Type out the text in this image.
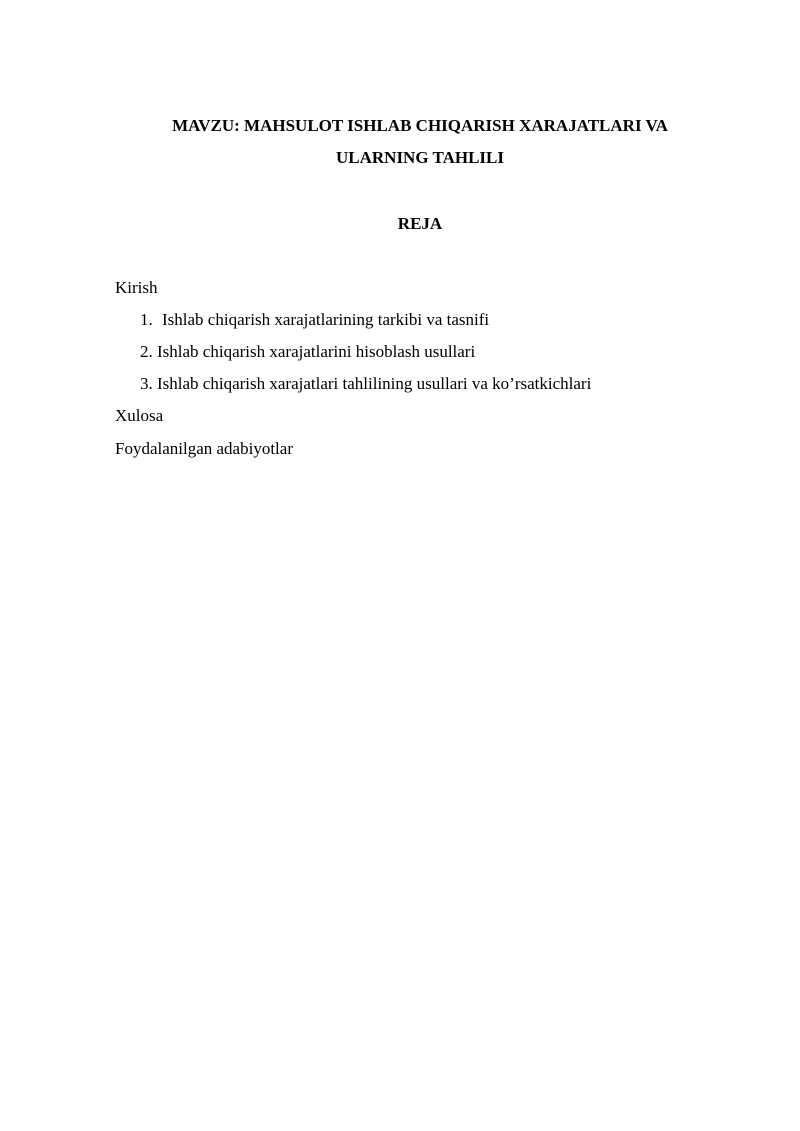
MAVZU: MAHSULOT ISHLAB CHIQARISH XARAJATLARI VA
ULARNING TAHLILI
REJA
Kirish
1. Ishlab chiqarish xarajatlarining tarkibi va tasnifi
2. Ishlab chiqarish xarajatlarini hisoblash usullari
3. Ishlab chiqarish xarajatlari tahlilining usullari va ko’rsatkichlari
Xulosa
Foydalanilgan adabiyotlar
